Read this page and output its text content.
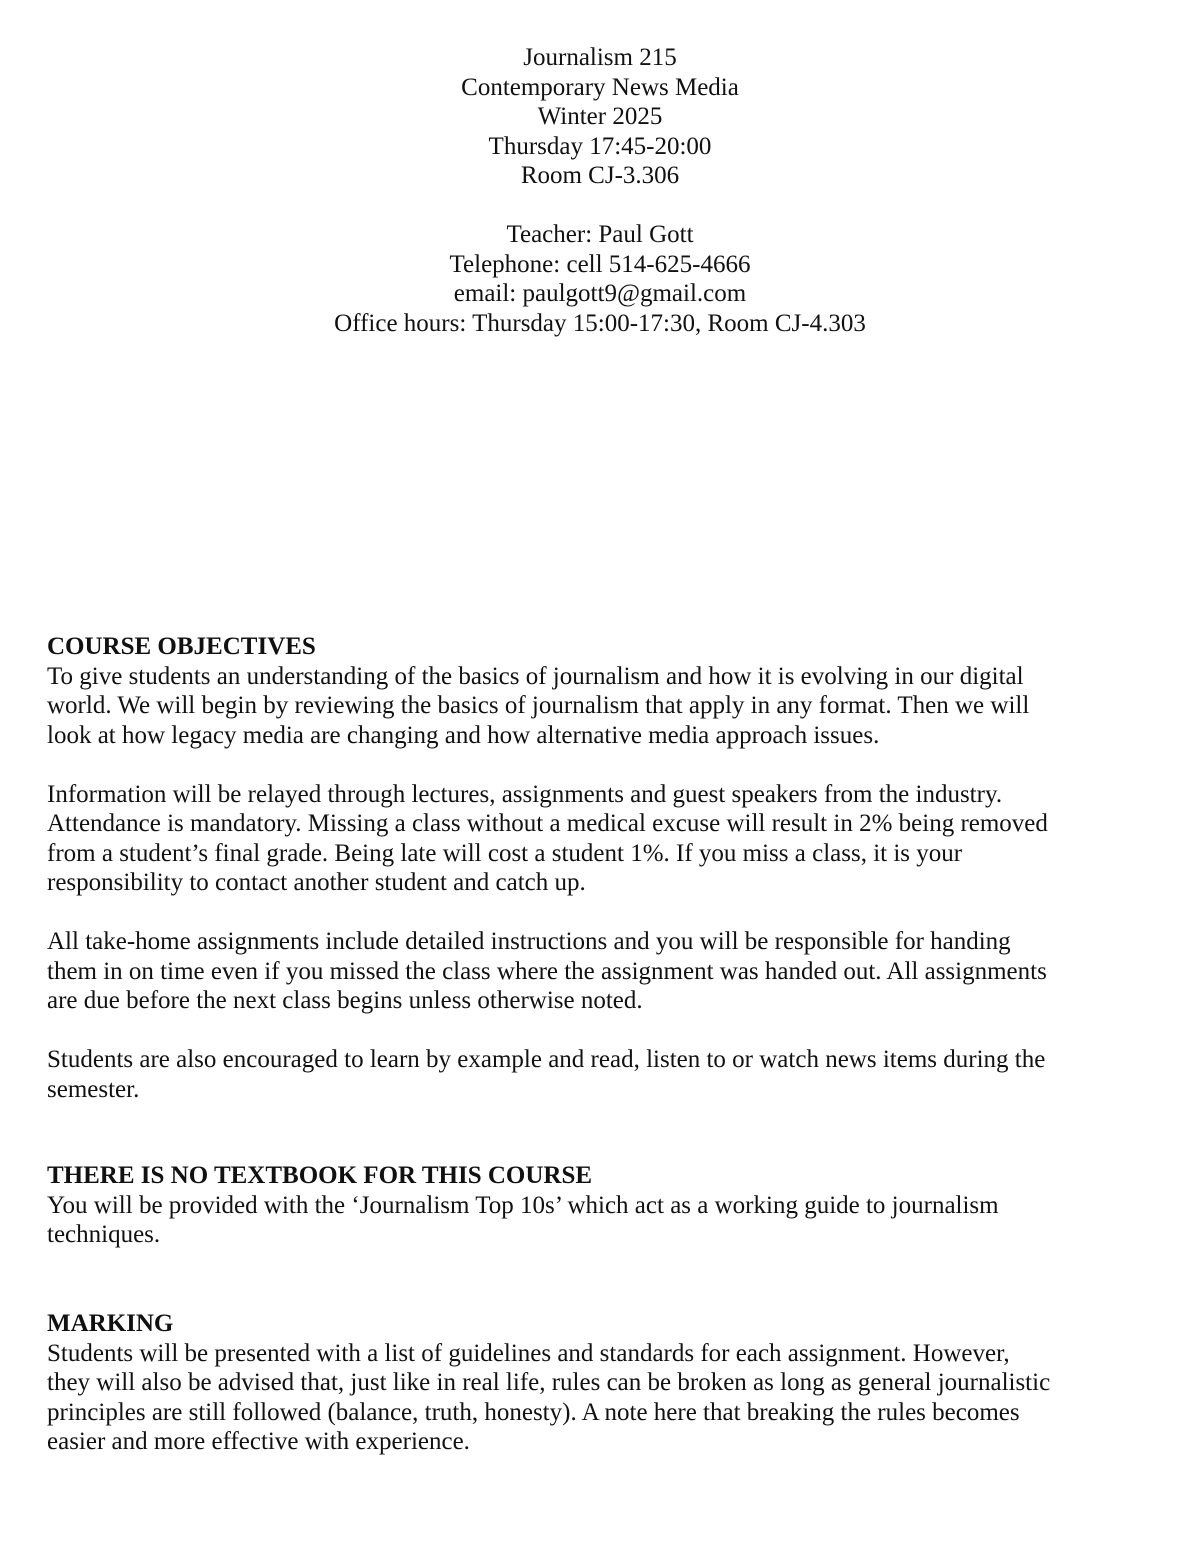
Journalism 215
Contemporary News Media
Winter 2025
Thursday 17:45-20:00
Room CJ-3.306
Teacher: Paul Gott
Telephone: cell 514-625-4666
email: paulgott9@gmail.com
Office hours: Thursday 15:00-17:30, Room CJ-4.303
COURSE OBJECTIVES
To give students an understanding of the basics of journalism and how it is evolving in our digital
world. We will begin by reviewing the basics of journalism that apply in any format. Then we will
look at how legacy media are changing and how alternative media approach issues.
Information will be relayed through lectures, assignments and guest speakers from the industry.
Attendance is mandatory. Missing a class without a medical excuse will result in 2% being removed
from a student’s final grade. Being late will cost a student 1%. If you miss a class, it is your
responsibility to contact another student and catch up.
All take-home assignments include detailed instructions and you will be responsible for handing
them in on time even if you missed the class where the assignment was handed out. All assignments
are due before the next class begins unless otherwise noted.
Students are also encouraged to learn by example and read, listen to or watch news items during the
semester.
THERE IS NO TEXTBOOK FOR THIS COURSE
You will be provided with the ‘Journalism Top 10s’ which act as a working guide to journalism
techniques.
MARKING
Students will be presented with a list of guidelines and standards for each assignment. However,
they will also be advised that, just like in real life, rules can be broken as long as general journalistic
principles are still followed (balance, truth, honesty). A note here that breaking the rules becomes
easier and more effective with experience.
